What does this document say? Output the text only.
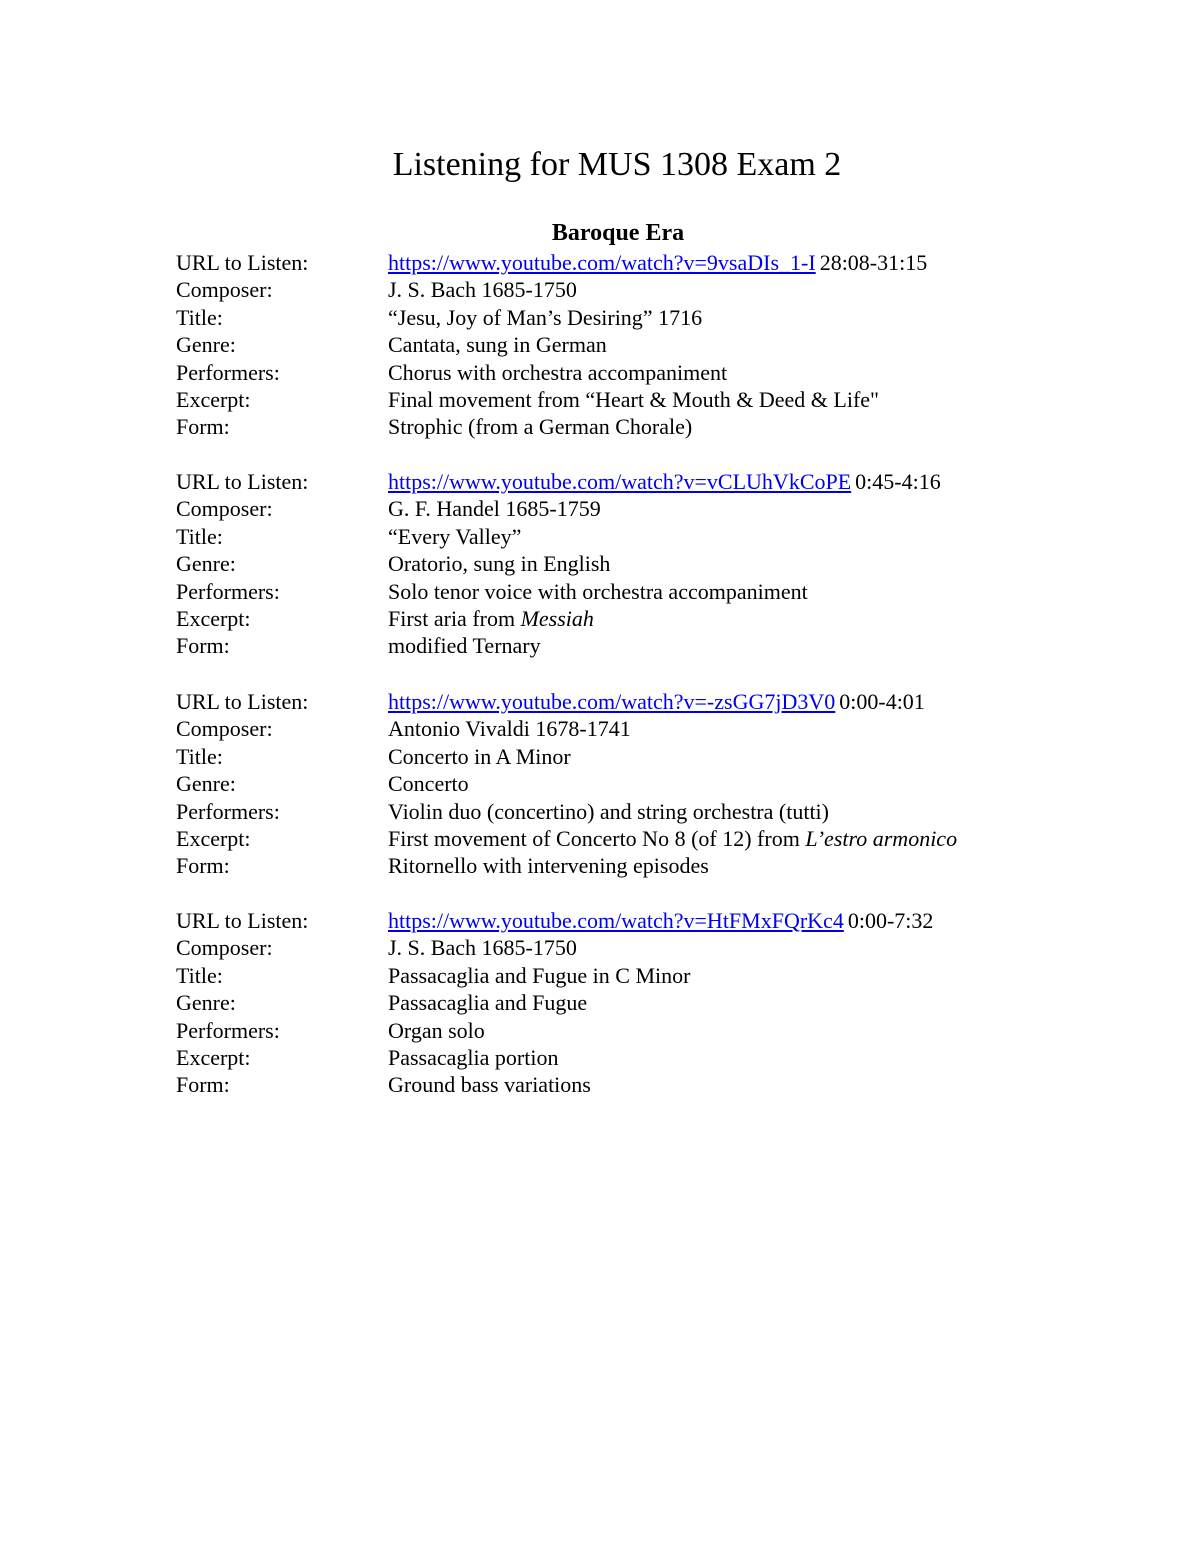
Listening for MUS 1308 Exam 2
Baroque Era
URL to Listen:	https://www.youtube.com/watch?v=9vsaDIs_1-I 28:08-31:15
Composer:	J. S. Bach 1685-1750
Title:	“Jesu, Joy of Man’s Desiring” 1716
Genre:	Cantata, sung in German
Performers:	Chorus with orchestra accompaniment
Excerpt:	Final movement from “Heart & Mouth & Deed & Life"
Form:	Strophic (from a German Chorale)
URL to Listen:	https://www.youtube.com/watch?v=vCLUhVkCoPE 0:45-4:16
Composer:	G. F. Handel 1685-1759
Title:	“Every Valley”
Genre:	Oratorio, sung in English
Performers:	Solo tenor voice with orchestra accompaniment
Excerpt:	First aria from Messiah
Form:	modified Ternary
URL to Listen:	https://www.youtube.com/watch?v=-zsGG7jD3V0 0:00-4:01
Composer:	Antonio Vivaldi 1678-1741
Title:	Concerto in A Minor
Genre:	Concerto
Performers:	Violin duo (concertino) and string orchestra (tutti)
Excerpt:	First movement of Concerto No 8 (of 12) from L’estro armonico
Form:	Ritornello with intervening episodes
URL to Listen:	https://www.youtube.com/watch?v=HtFMxFQrKc4 0:00-7:32
Composer:	J. S. Bach 1685-1750
Title:	Passacaglia and Fugue in C Minor
Genre:	Passacaglia and Fugue
Performers:	Organ solo
Excerpt:	Passacaglia portion
Form:	Ground bass variations
